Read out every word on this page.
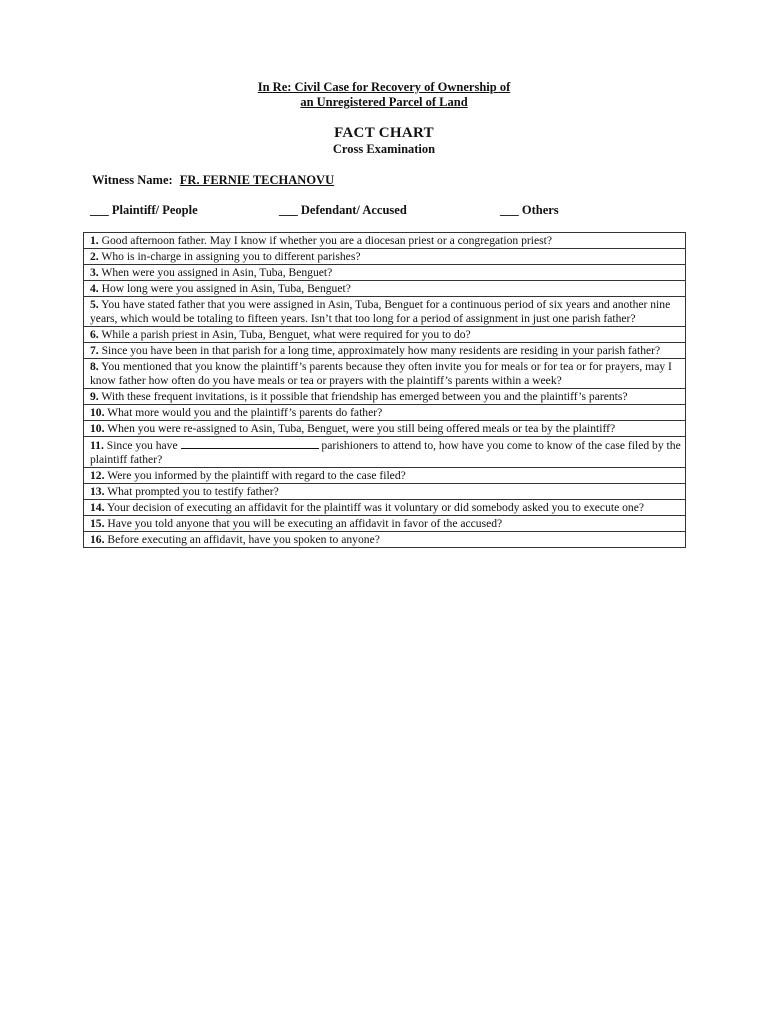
In Re: Civil Case for Recovery of Ownership of
an Unregistered Parcel of Land
FACT CHART
Cross Examination
Witness Name: FR. FERNIE TECHANOVU
___ Plaintiff/ People	___ Defendant/ Accused	___ Others
1. Good afternoon father. May I know if whether you are a diocesan priest or a congregation priest?
2. Who is in-charge in assigning you to different parishes?
3. When were you assigned in Asin, Tuba, Benguet?
4. How long were you assigned in Asin, Tuba, Benguet?
5. You have stated father that you were assigned in Asin, Tuba, Benguet for a continuous period of six years and another nine years, which would be totaling to fifteen years. Isn’t that too long for a period of assignment in just one parish father?
6. While a parish priest in Asin, Tuba, Benguet, what were required for you to do?
7. Since you have been in that parish for a long time, approximately how many residents are residing in your parish father?
8. You mentioned that you know the plaintiff’s parents because they often invite you for meals or for tea or for prayers, may I know father how often do you have meals or tea or prayers with the plaintiff’s parents within a week?
9. With these frequent invitations, is it possible that friendship has emerged between you and the plaintiff’s parents?
10. What more would you and the plaintiff’s parents do father?
10. When you were re-assigned to Asin, Tuba, Benguet, were you still being offered meals or tea by the plaintiff?
11. Since you have	parishioners to attend to, how have you come to know of the case filed by the plaintiff father?
12. Were you informed by the plaintiff with regard to the case filed?
13. What prompted you to testify father?
14. Your decision of executing an affidavit for the plaintiff was it voluntary or did somebody asked you to execute one?
15. Have you told anyone that you will be executing an affidavit in favor of the accused?
16. Before executing an affidavit, have you spoken to anyone?
